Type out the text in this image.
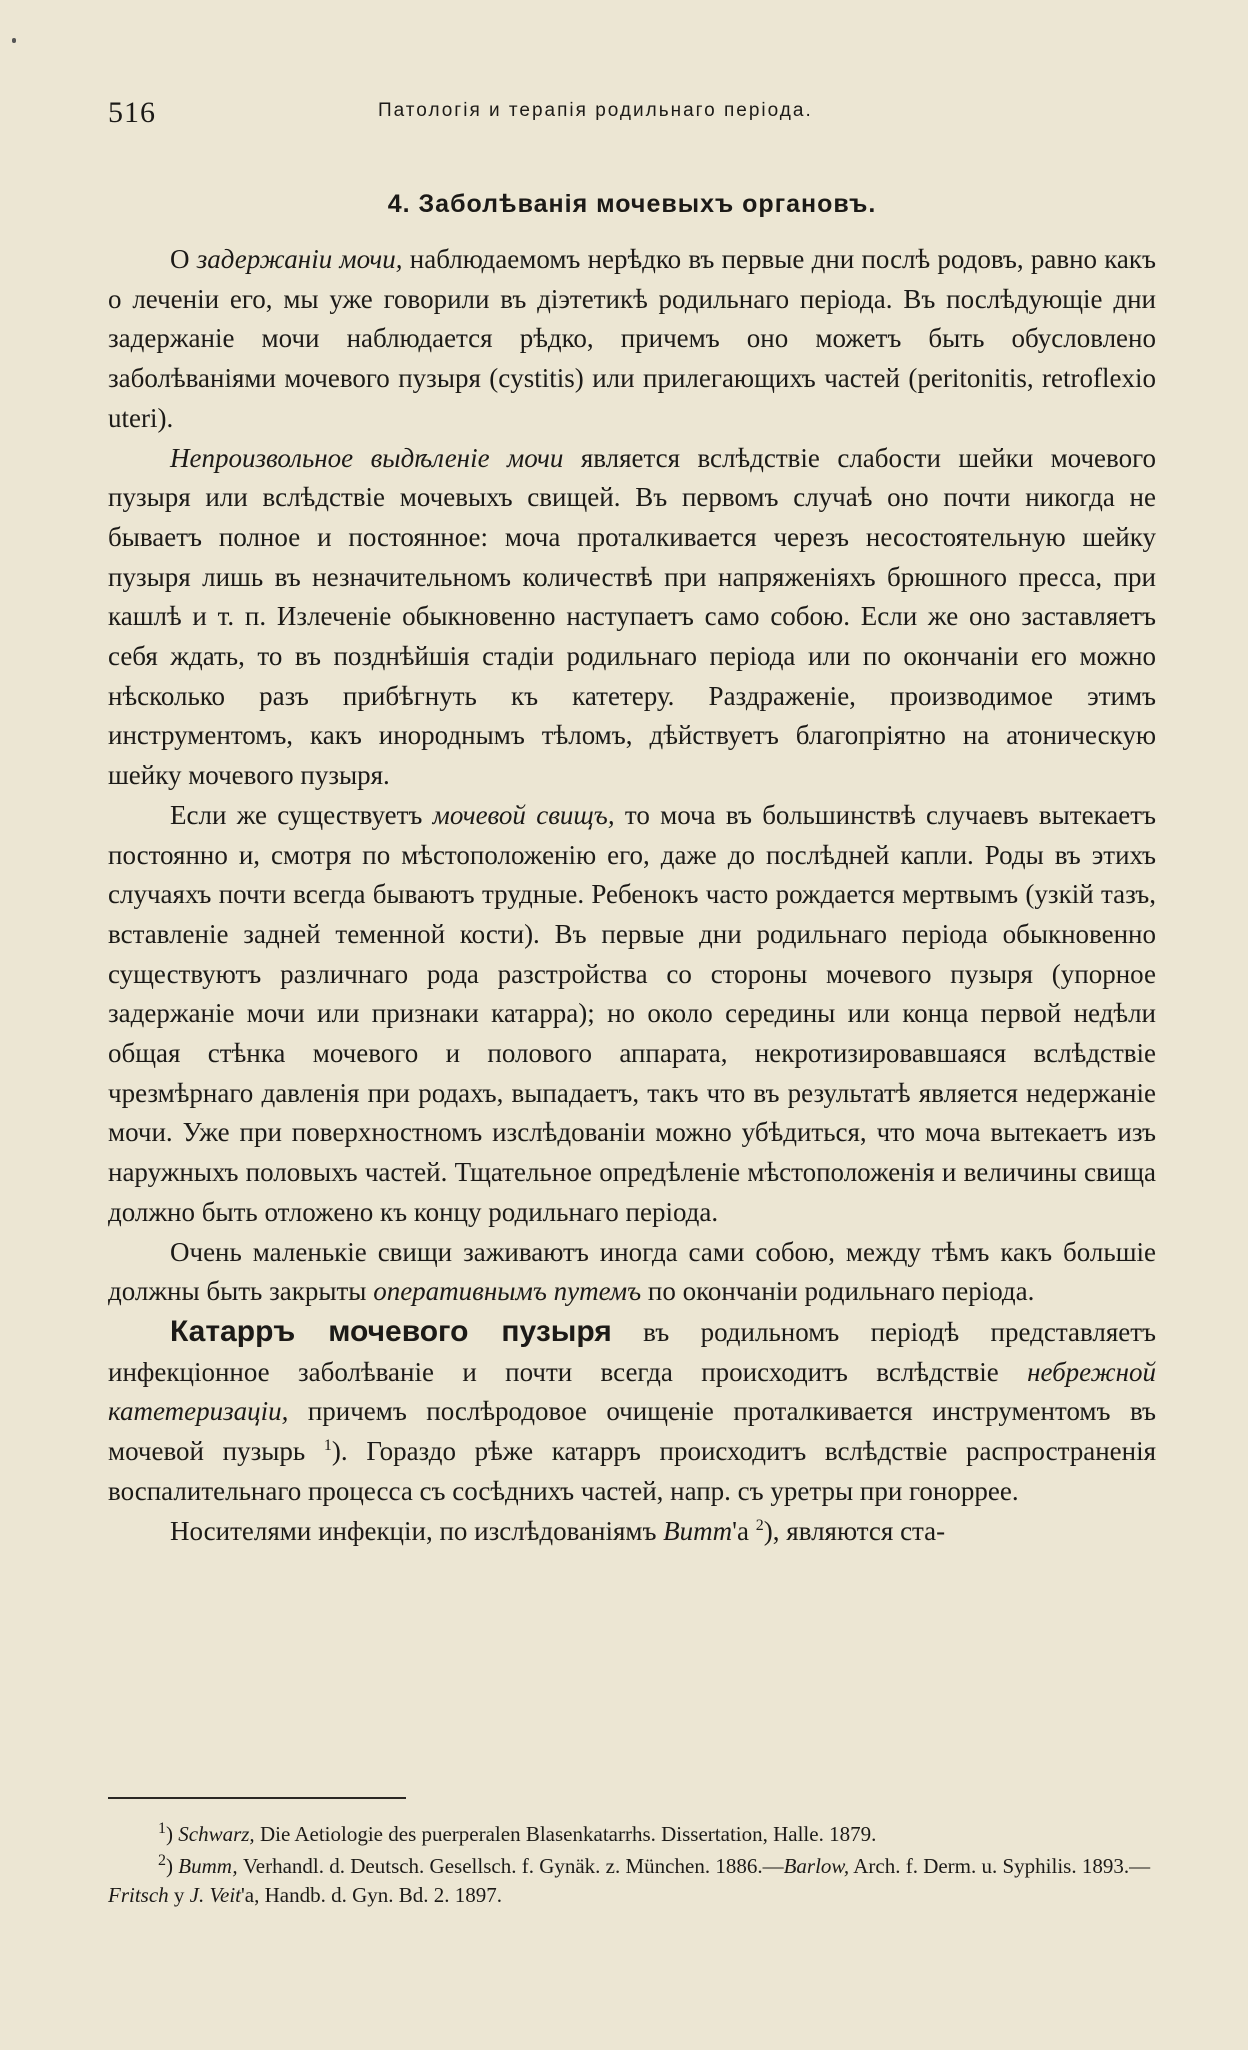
516	Патологія и терапія родильнаго періода.
4. Заболѣванія мочевыхъ органовъ.

О задержаніи мочи, наблюдаемомъ нерѣдко въ первые дни послѣ родовъ, равно какъ о леченіи его, мы уже говорили въ діэтетикѣ родильнаго періода. Въ послѣдующіе дни задержаніе мочи наблюдается рѣдко, причемъ оно можетъ быть обусловлено заболѣваніями мочевого пузыря (cystitis) или прилегающихъ частей (peritonitis, retroflexio uteri).

Непроизвольное выдѣленіе мочи является вслѣдствіе слабости шейки мочевого пузыря или вслѣдствіе мочевыхъ свищей. Въ первомъ случаѣ оно почти никогда не бываетъ полное и постоянное: моча проталкивается черезъ несостоятельную шейку пузыря лишь въ незначительномъ количествѣ при напряженіяхъ брюшного пресса, при кашлѣ и т. п. Излеченіе обыкновенно наступаетъ само собою. Если же оно заставляетъ себя ждать, то въ позднѣйшія стадіи родильнаго періода или по окончаніи его можно нѣсколько разъ прибѣгнуть къ катетеру. Раздраженіе, производимое этимъ инструментомъ, какъ инороднымъ тѣломъ, дѣйствуетъ благопріятно на атоническую шейку мочевого пузыря.

Если же существуетъ мочевой свищъ, то моча въ большинствѣ случаевъ вытекаетъ постоянно и, смотря по мѣстоположенію его, даже до послѣдней капли. Роды въ этихъ случаяхъ почти всегда бываютъ трудные. Ребенокъ часто рождается мертвымъ (узкій тазъ, вставленіе задней теменной кости). Въ первые дни родильнаго періода обыкновенно существуютъ различнаго рода разстройства со стороны мочевого пузыря (упорное задержаніе мочи или признаки катарра); но около середины или конца первой недѣли общая стѣнка мочевого и полового аппарата, некротизировавшаяся вслѣдствіе чрезмѣрнаго давленія при родахъ, выпадаетъ, такъ что въ результатѣ является недержаніе мочи. Уже при поверхностномъ изслѣдованіи можно убѣдиться, что моча вытекаетъ изъ наружныхъ половыхъ частей. Тщательное опредѣленіе мѣстоположенія и величины свища должно быть отложено къ концу родильнаго періода.

Очень маленькіе свищи заживаютъ иногда сами собою, между тѣмъ какъ большіе должны быть закрыты оперативнымъ путемъ по окончаніи родильнаго періода.

Катарръ мочевого пузыря въ родильномъ періодѣ представляетъ инфекціонное заболѣваніе и почти всегда происходитъ вслѣдствіе небрежной катетеризаціи, причемъ послѣродовое очищеніе проталкивается инструментомъ въ мочевой пузырь $^1$). Гораздо рѣже катарръ происходитъ вслѣдствіе распространенія воспалительнаго процесса съ сосѣднихъ частей, напр. съ уретры при гоноррее.

Носителями инфекціи, по изслѣдованіямъ Витт'а $^2$), являются ста-

$^1$) Schwarz, Die Aetiologie des puerperalen Blasenkatarrhs. Dissertation, Halle. 1879.

$^2$) Витт, Verhandl. d. Deutsch. Gesellsch. f. Gynäk. z. München. 1886.—Barlow, Arch. f. Derm. u. Syphilis. 1893.—Fritsch у J. Veit'a, Handb. d. Gyn. Bd. 2. 1897.
